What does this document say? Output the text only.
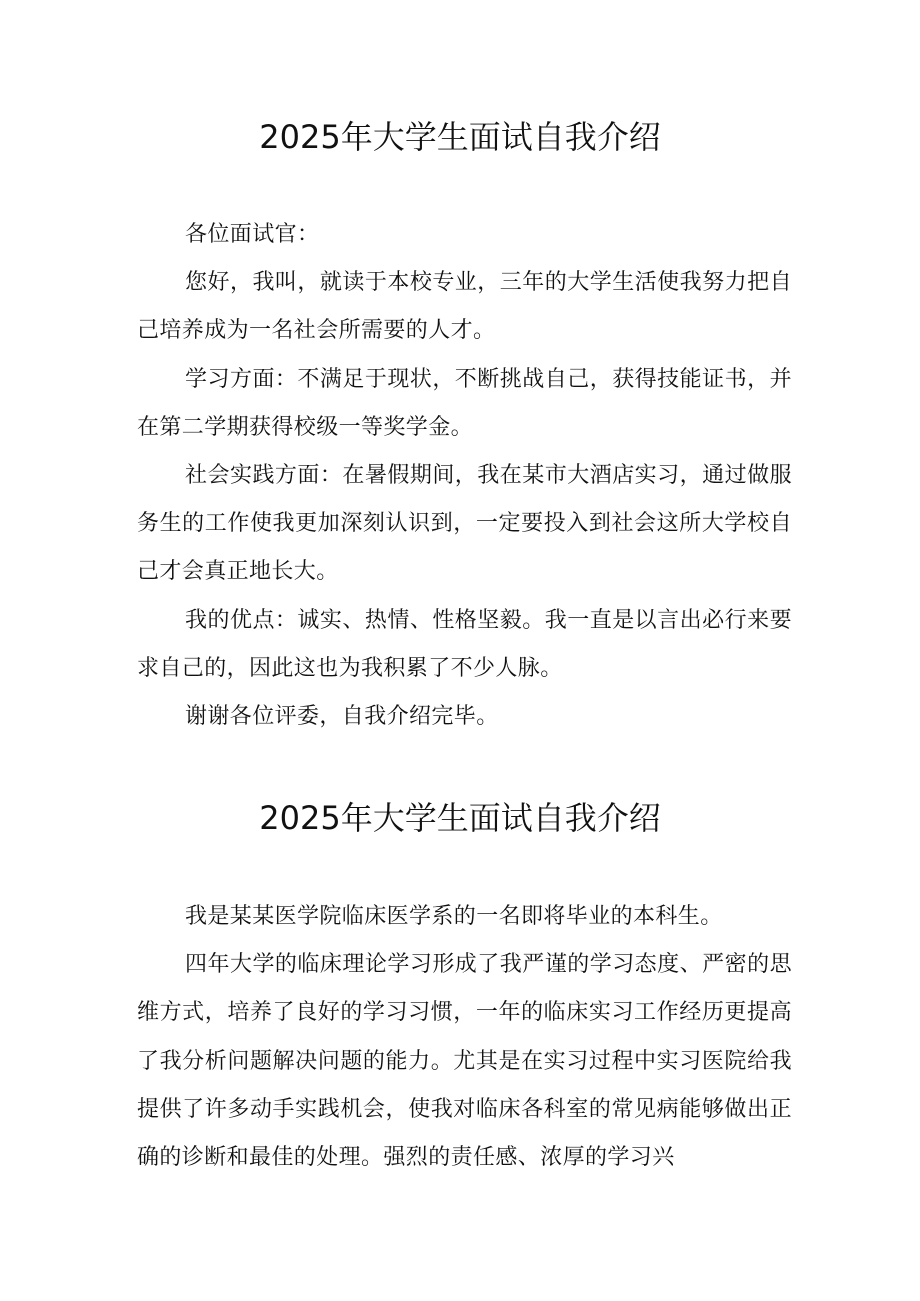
2025年大学生面试自我介绍

各位面试官：

您好，我叫，就读于本校专业，三年的大学生活使我努力把自己培养成为一名社会所需要的人才。

学习方面：不满足于现状，不断挑战自己，获得技能证书，并在第二学期获得校级一等奖学金。

社会实践方面：在暑假期间，我在某市大酒店实习，通过做服务生的工作使我更加深刻认识到，一定要投入到社会这所大学校自己才会真正地长大。

我的优点：诚实、热情、性格坚毅。我一直是以言出必行来要求自己的，因此这也为我积累了不少人脉。

谢谢各位评委，自我介绍完毕。

2025年大学生面试自我介绍

我是某某医学院临床医学系的一名即将毕业的本科生。

四年大学的临床理论学习形成了我严谨的学习态度、严密的思维方式，培养了良好的学习习惯，一年的临床实习工作经历更提高了我分析问题解决问题的能力。尤其是在实习过程中实习医院给我提供了许多动手实践机会，使我对临床各科室的常见病能够做出正确的诊断和最佳的处理。强烈的责任感、浓厚的学习兴
